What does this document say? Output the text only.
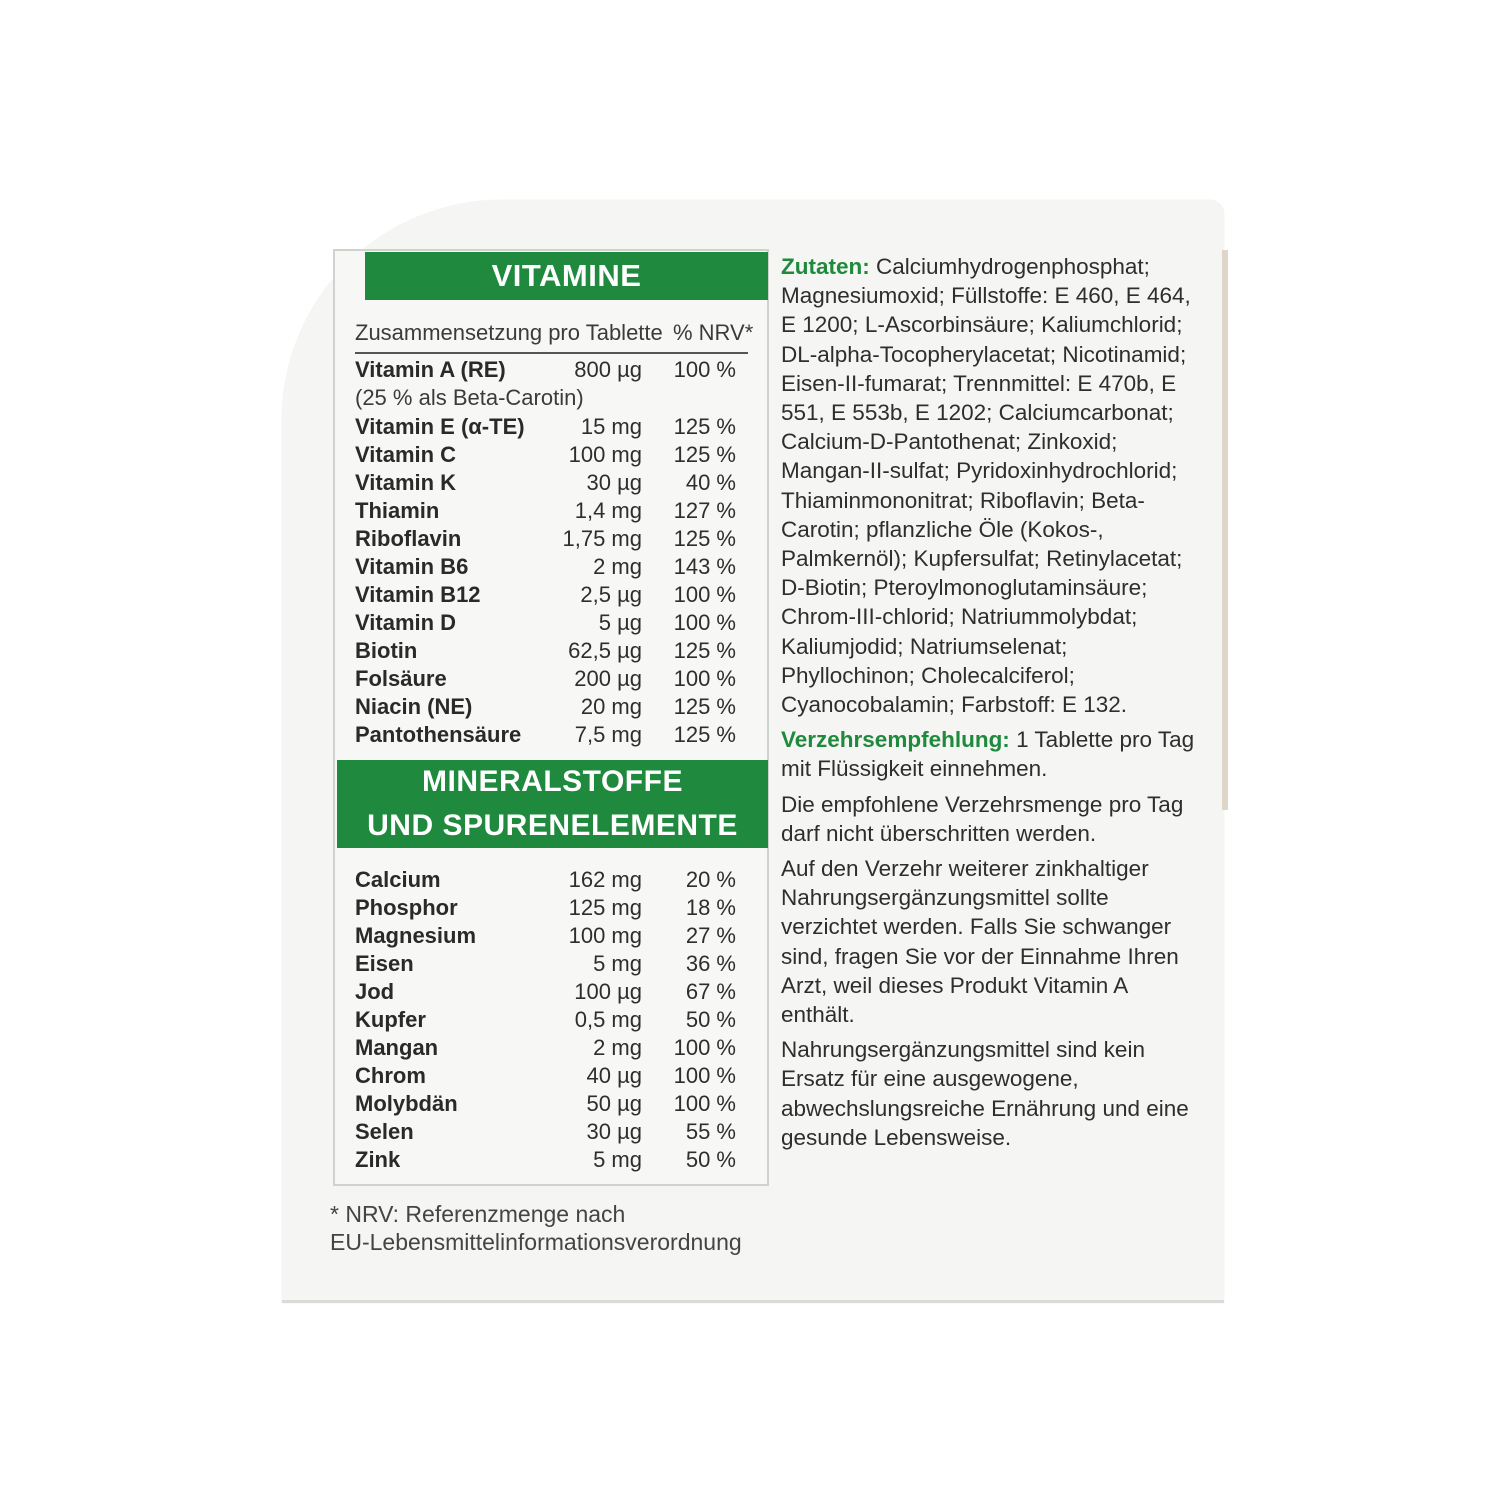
VITAMINE
Zusammensetzung pro Tablette % NRV*
Vitamin A (RE)	800 µg 100 %
(25 % als Beta-Carotin)
Vitamin E (α-TE)	15 mg 125 %
Vitamin C	100 mg 125 %
Vitamin K	30 µg 40 %
Thiamin	1,4 mg 127 %
Riboflavin	1,75 mg 125 %
Vitamin B6	2 mg 143 %
Vitamin B12	2,5 µg 100 %
Vitamin D	5 µg 100 %
Biotin	62,5 µg 125 %
Folsäure	200 µg 100 %
Niacin (NE)	20 mg 125 %
Pantothensäure 7,5 mg 125 %
MINERALSTOFFE
UND SPURENELEMENTE
Calcium	162 mg 20 %
Phosphor	125 mg 18 %
Magnesium	100 mg 27 %
Eisen	5 mg 36 %
Jod	100 µg 67 %
Kupfer	0,5 mg 50 %
Mangan	2 mg 100 %
Chrom	40 µg 100 %
Molybdän	50 µg 100 %
Selen	30 µg 55 %
Zink	5 mg 50 %
* NRV: Referenzmenge nach
EU-Lebensmittelinformationsverordnung

Zutaten: Calciumhydrogenphosphat; Magnesiumoxid; Füllstoffe: E 460, E 464, E 1200; L-Ascorbinsäure; Kaliumchlorid; DL-alpha-Tocopherylacetat; Nicotinamid; Eisen-II-fumarat; Trennmittel: E 470b, E 551, E 553b, E 1202; Calciumcarbonat; Calcium-D-Pantothenat; Zinkoxid; Mangan-II-sulfat; Pyridoxinhydrochlorid; Thiaminmononitrat; Riboflavin; Beta-Carotin; pflanzliche Öle (Kokos-, Palmkernöl); Kupfersulfat; Retinylacetat; D-Biotin; Pteroylmonoglutaminsäure; Chrom-III-chlorid; Natriummolybdat; Kaliumjodid; Natriumselenat; Phyllochinon; Cholecalciferol; Cyanocobalamin; Farbstoff: E 132.

Verzehrsempfehlung: 1 Tablette pro Tag mit Flüssigkeit einnehmen.

Die empfohlene Verzehrsmenge pro Tag darf nicht überschritten werden.

Auf den Verzehr weiterer zinkhaltiger Nahrungsergänzungsmittel sollte verzichtet werden. Falls Sie schwanger sind, fragen Sie vor der Einnahme Ihren Arzt, weil dieses Produkt Vitamin A enthält.

Nahrungsergänzungsmittel sind kein Ersatz für eine ausgewogene, abwechslungsreiche Ernährung und eine gesunde Lebensweise.
